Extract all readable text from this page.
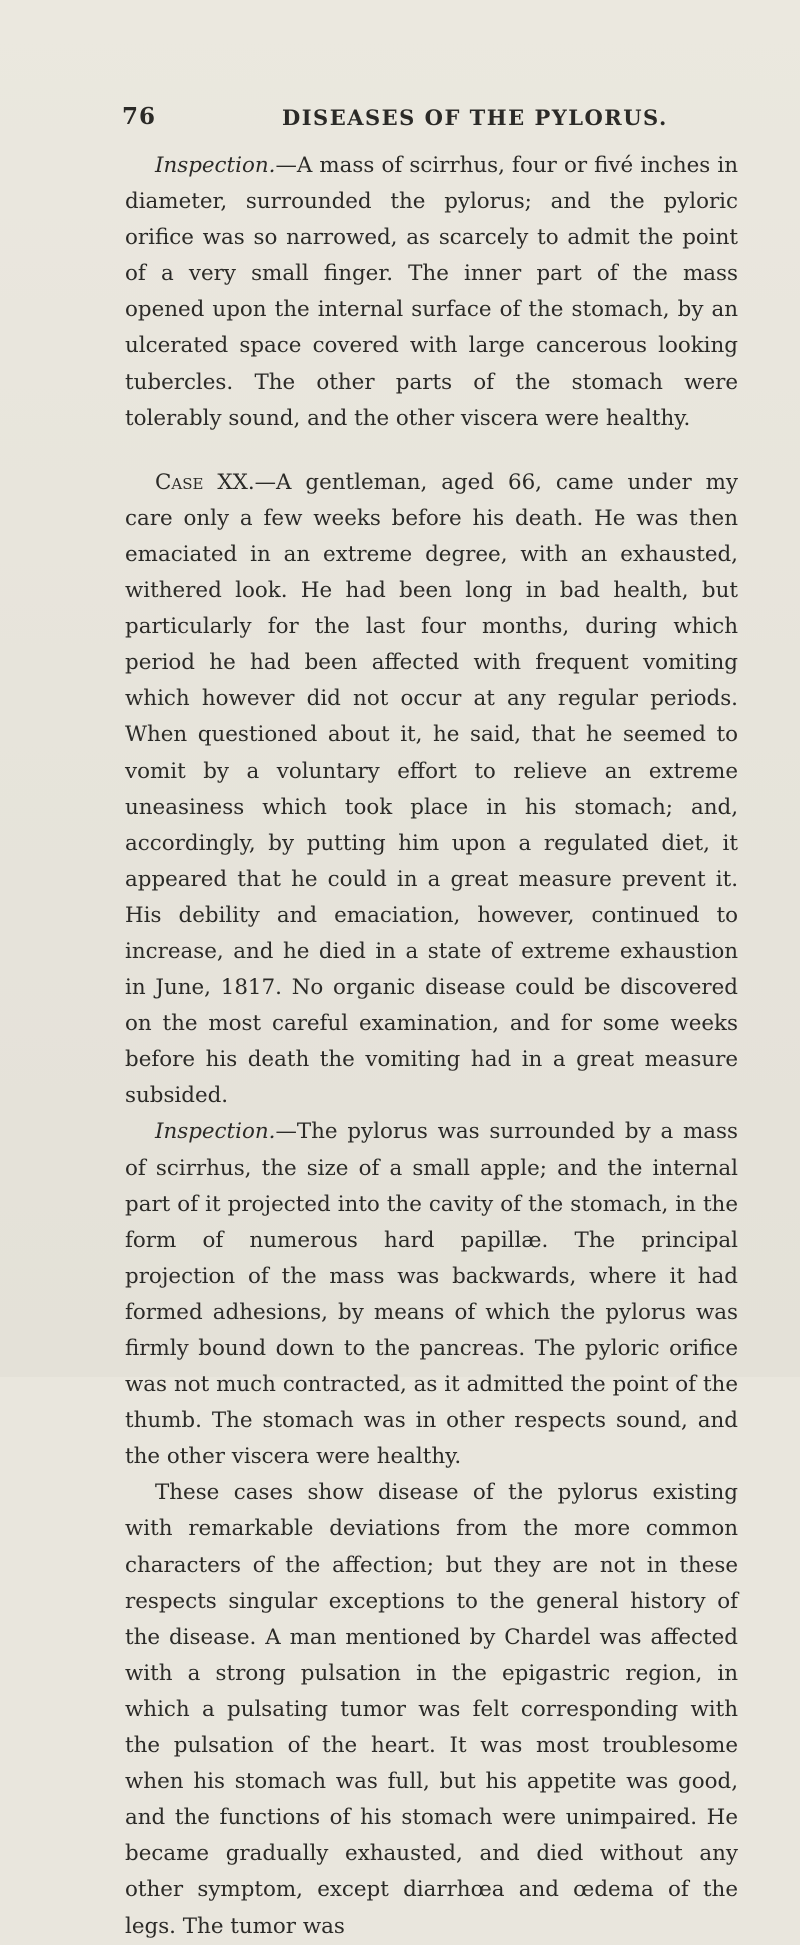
76	DISEASES OF THE PYLORUS.

Inspection.—A mass of scirrhus, four or fivé inches in diameter, surrounded the pylorus; and the pyloric orifice was so narrowed, as scarcely to admit the point of a very small finger. The inner part of the mass opened upon the internal surface of the stomach, by an ulcerated space covered with large cancerous looking tubercles. The other parts of the stomach were tolerably sound, and the other viscera were healthy.

Case XX.—A gentleman, aged 66, came under my care only a few weeks before his death. He was then emaciated in an extreme degree, with an exhausted, withered look. He had been long in bad health, but particularly for the last four months, during which period he had been affected with frequent vomiting which however did not occur at any regular periods. When questioned about it, he said, that he seemed to vomit by a voluntary effort to relieve an extreme uneasiness which took place in his stomach; and, accordingly, by putting him upon a regulated diet, it appeared that he could in a great measure prevent it. His debility and emaciation, however, continued to increase, and he died in a state of extreme exhaustion in June, 1817. No organic disease could be discovered on the most careful examination, and for some weeks before his death the vomiting had in a great measure subsided.

Inspection.—The pylorus was surrounded by a mass of scirrhus, the size of a small apple; and the internal part of it projected into the cavity of the stomach, in the form of numerous hard papillæ. The principal projection of the mass was backwards, where it had formed adhesions, by means of which the pylorus was firmly bound down to the pancreas. The pyloric orifice was not much contracted, as it admitted the point of the thumb. The stomach was in other respects sound, and the other viscera were healthy.

These cases show disease of the pylorus existing with remarkable deviations from the more common characters of the affection; but they are not in these respects singular exceptions to the general history of the disease. A man mentioned by Chardel was affected with a strong pulsation in the epigastric region, in which a pulsating tumor was felt corresponding with the pulsation of the heart. It was most troublesome when his stomach was full, but his appetite was good, and the functions of his stomach were unimpaired. He became gradually exhausted, and died without any other symptom, except diarrhœa and œdema of the legs. The tumor was
